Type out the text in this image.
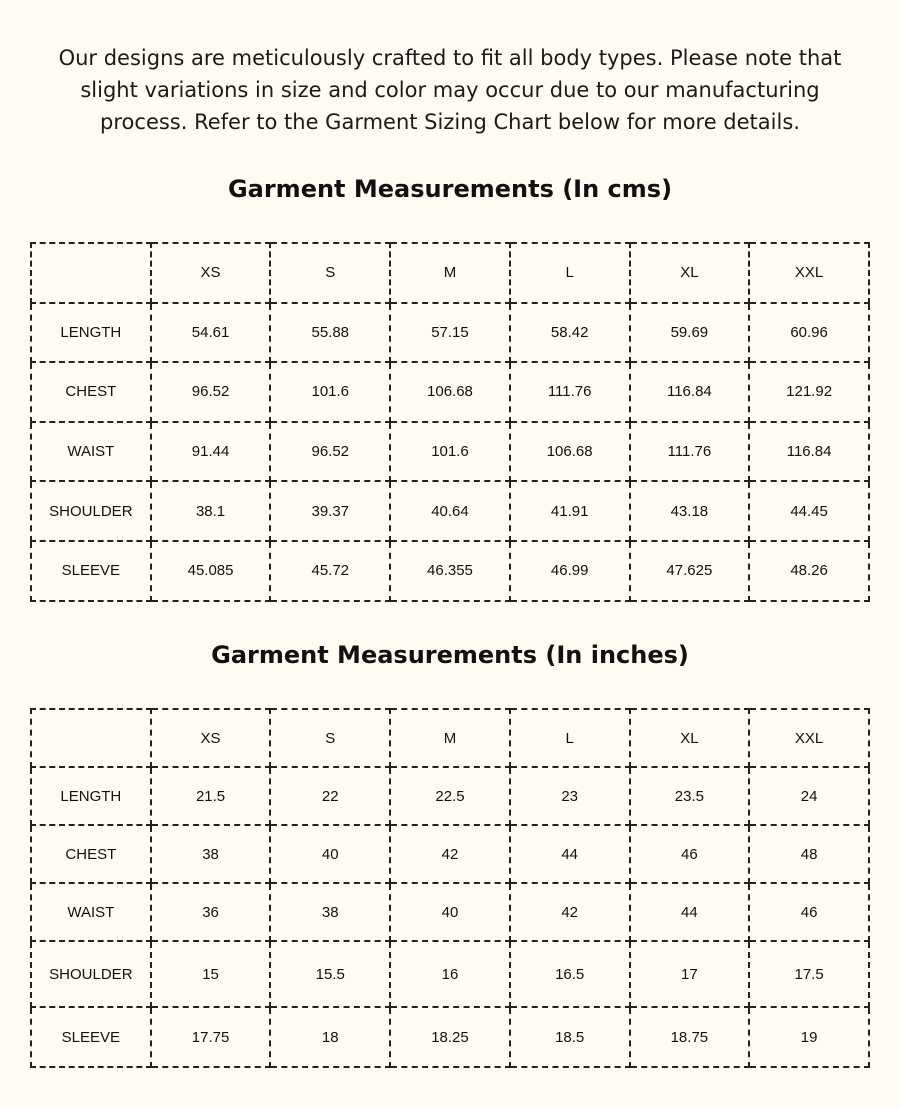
Our designs are meticulously crafted to fit all body types. Please note that slight variations in size and color may occur due to our manufacturing process. Refer to the Garment Sizing Chart below for more details.

Garment Measurements (In cms)
	XS	S	M	L	XL	XXL
LENGTH	54.61	55.88	57.15	58.42	59.69	60.96
CHEST	96.52	101.6	106.68	111.76	116.84	121.92
WAIST	91.44	96.52	101.6	106.68	111.76	116.84
SHOULDER	38.1	39.37	40.64	41.91	43.18	44.45
SLEEVE	45.085	45.72	46.355	46.99	47.625	48.26
Garment Measurements (In inches)
	XS	S	M	L	XL	XXL
LENGTH	21.5	22	22.5	23	23.5	24
CHEST	38	40	42	44	46	48
WAIST	36	38	40	42	44	46
SHOULDER	15	15.5	16	16.5	17	17.5
SLEEVE	17.75	18	18.25	18.5	18.75	19
